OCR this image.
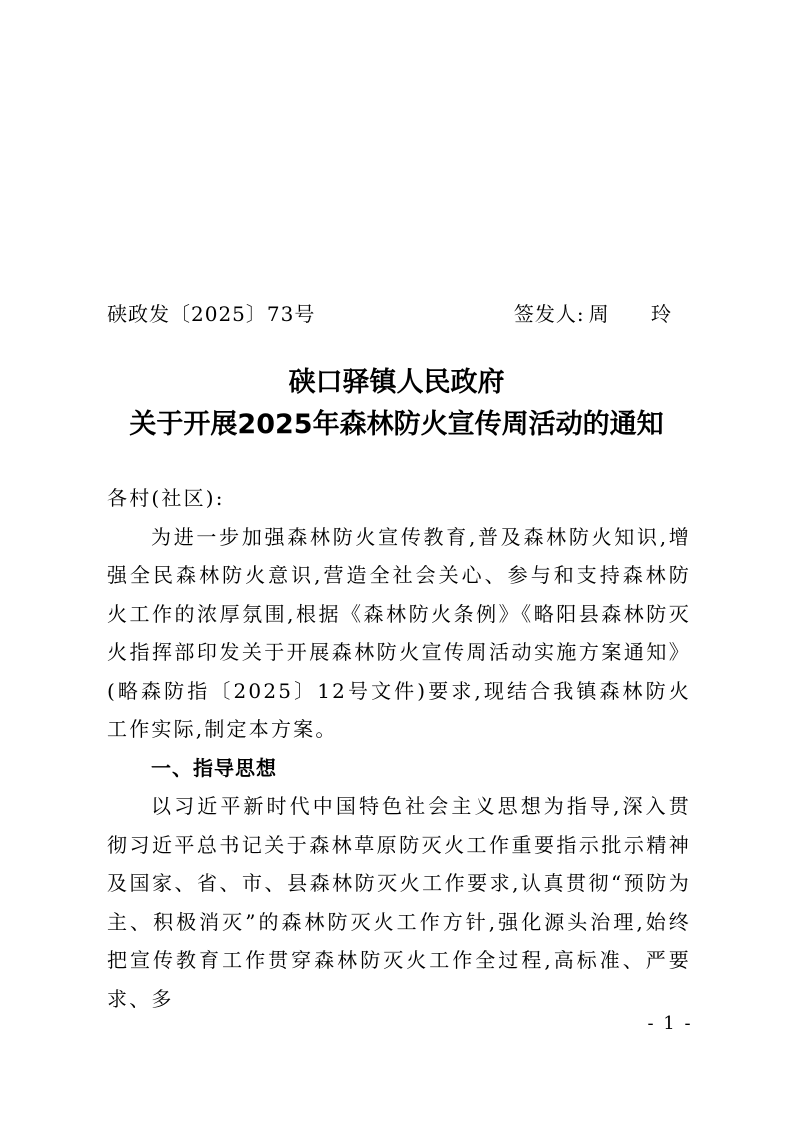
硖政发〔2025〕73号	签发人: 周 玲
硖口驿镇人民政府
关于开展2025年森林防火宣传周活动的通知

各村(社区):

为进一步加强森林防火宣传教育,普及森林防火知识,增强全民森林防火意识,营造全社会关心、参与和支持森林防火工作的浓厚氛围,根据《森林防火条例》《略阳县森林防灭火指挥部印发关于开展森林防火宣传周活动实施方案通知》(略森防指〔2025〕12号文件)要求,现结合我镇森林防火工作实际,制定本方案。

一、指导思想

以习近平新时代中国特色社会主义思想为指导,深入贯彻习近平总书记关于森林草原防灭火工作重要指示批示精神及国家、省、市、县森林防灭火工作要求,认真贯彻“预防为主、积极消灭”的森林防灭火工作方针,强化源头治理,始终把宣传教育工作贯穿森林防灭火工作全过程,高标准、严要求、多

- 1 -
